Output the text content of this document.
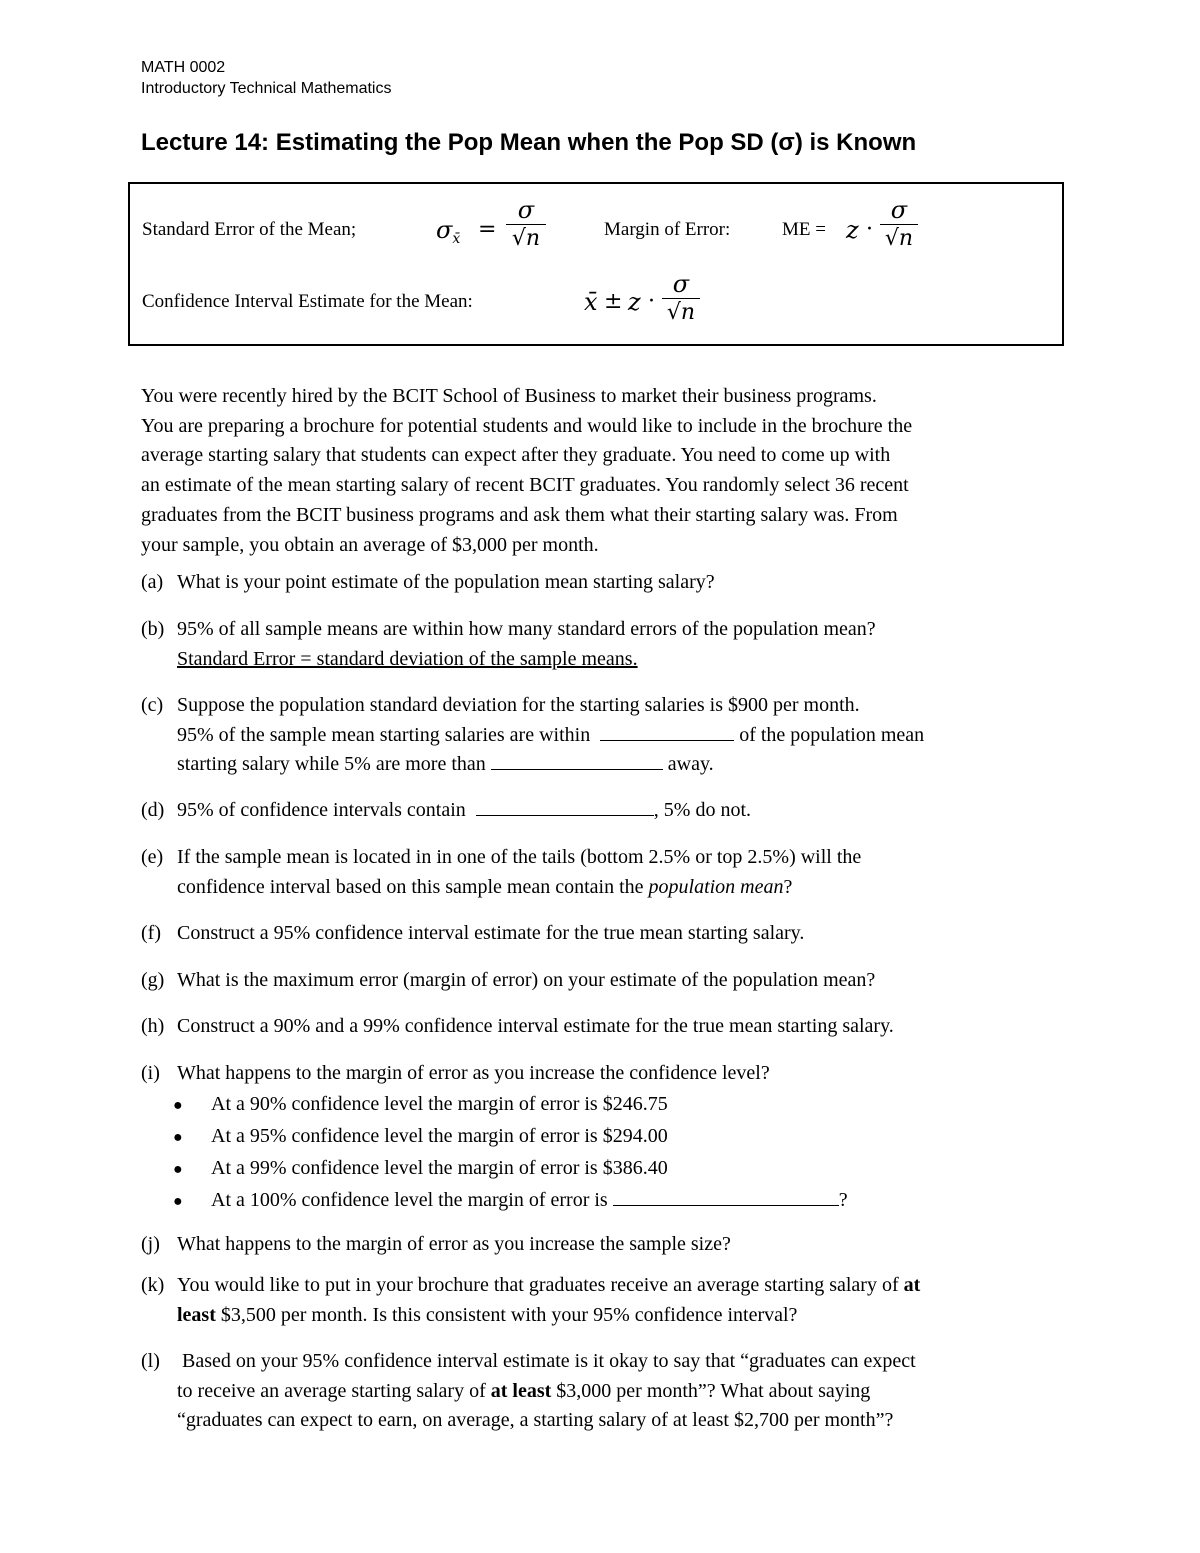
MATH 0002
Introductory Technical Mathematics
Lecture 14: Estimating the Pop Mean when the Pop SD (σ) is Known
Standard Error of the Mean;	$\sigma_{x̄}$ =
σ
√n	Margin of Error:	ME = z ·
σ
√n
Confidence Interval Estimate for the Mean:	x̄ ± z ·
σ
√n
You were recently hired by the BCIT School of Business to market their business programs.
You are preparing a brochure for potential students and would like to include in the brochure the
average starting salary that students can expect after they graduate. You need to come up with
an estimate of the mean starting salary of recent BCIT graduates. You randomly select 36 recent
graduates from the BCIT business programs and ask them what their starting salary was. From
your sample, you obtain an average of $3,000 per month.
(a) What is your point estimate of the population mean starting salary?
(b) 95% of all sample means are within how many standard errors of the population mean?
Standard Error = standard deviation of the sample means.
(c) Suppose the population standard deviation for the starting salaries is $900 per month.
95% of the sample mean starting salaries are within	of the population mean
starting salary while 5% are more than	away.
(d) 95% of confidence intervals contain	, 5% do not.
(e) If the sample mean is located in in one of the tails (bottom 2.5% or top 2.5%) will the
confidence interval based on this sample mean contain the population mean?
(f) Construct a 95% confidence interval estimate for the true mean starting salary.
(g) What is the maximum error (margin of error) on your estimate of the population mean?
(h) Construct a 90% and a 99% confidence interval estimate for the true mean starting salary.
(i) What happens to the margin of error as you increase the confidence level?
● At a 90% confidence level the margin of error is $246.75
● At a 95% confidence level the margin of error is $294.00
● At a 99% confidence level the margin of error is $386.40
● At a 100% confidence level the margin of error is	?
(j) What happens to the margin of error as you increase the sample size?
(k) You would like to put in your brochure that graduates receive an average starting salary of at
least $3,500 per month. Is this consistent with your 95% confidence interval?
(l) Based on your 95% confidence interval estimate is it okay to say that “graduates can expect
to receive an average starting salary of at least $3,000 per month”? What about saying
“graduates can expect to earn, on average, a starting salary of at least $2,700 per month”?
